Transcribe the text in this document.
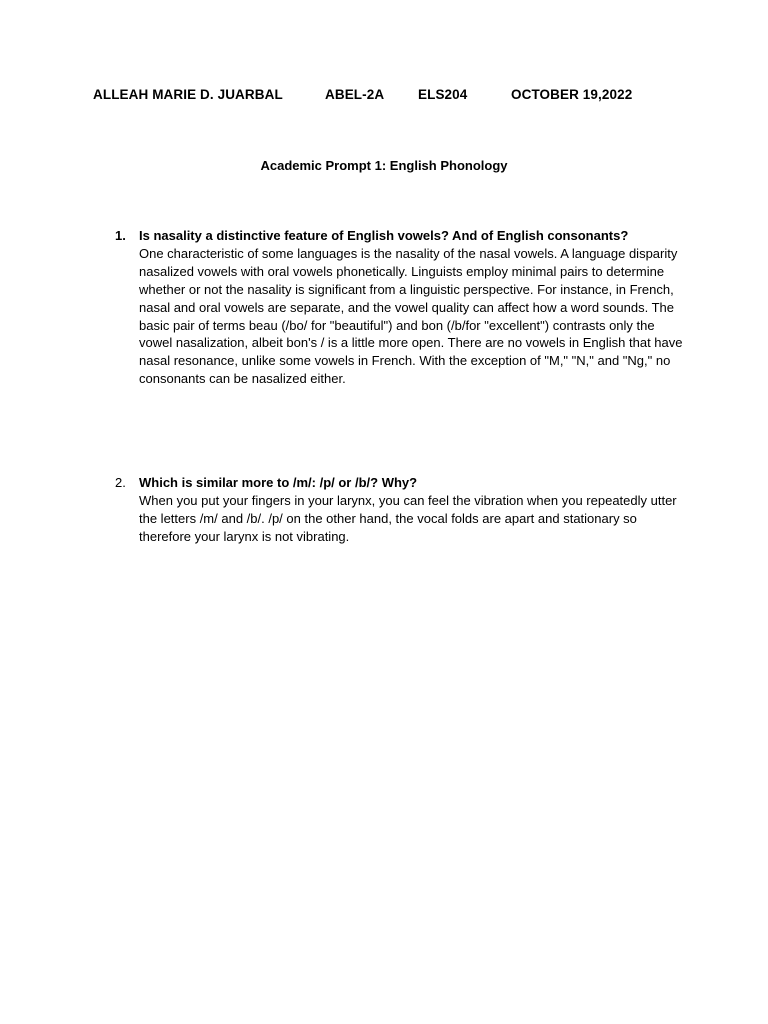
ALLEAH MARIE D. JUARBAL	ABEL-2A	ELS204	OCTOBER 19,2022
Academic Prompt 1: English Phonology
1.	Is nasality a distinctive feature of English vowels? And of English consonants?

One characteristic of some languages is the nasality of the nasal vowels. A language disparity nasalized vowels with oral vowels phonetically. Linguists employ minimal pairs to determine whether or not the nasality is significant from a linguistic perspective. For instance, in French, nasal and oral vowels are separate, and the vowel quality can affect how a word sounds. The basic pair of terms beau (/bo/ for "beautiful") and bon (/b/for "excellent") contrasts only the vowel nasalization, albeit bon's / is a little more open. There are no vowels in English that have nasal resonance, unlike some vowels in French. With the exception of "M," "N," and "Ng," no consonants can be nasalized either.

2.	Which is similar more to /m/: /p/ or /b/? Why?

When you put your fingers in your larynx, you can feel the vibration when you repeatedly utter the letters /m/ and /b/. /p/ on the other hand, the vocal folds are apart and stationary so therefore your larynx is not vibrating.
